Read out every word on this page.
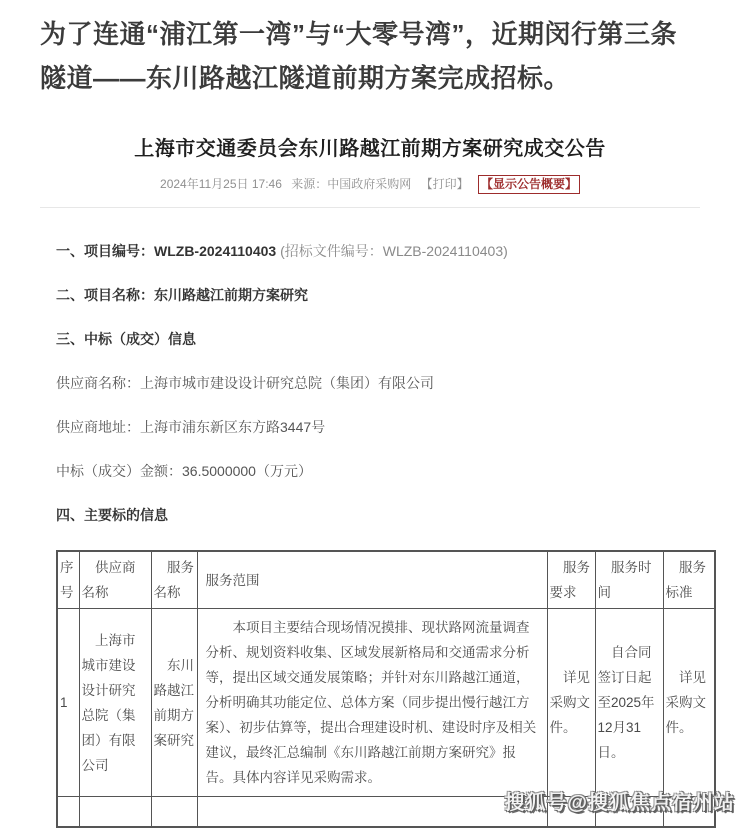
为了连通“浦江第一湾”与“大零号湾”，近期闵行第三条隧道——东川路越江隧道前期方案完成招标。

上海市交通委员会东川路越江前期方案研究成交公告
2024年11月25日 17:46 来源：中国政府采购网 【打印】 【显示公告概要】

一、项目编号：WLZB-2024110403 (招标文件编号：WLZB-2024110403)

二、项目名称：东川路越江前期方案研究

三、中标（成交）信息

供应商名称：上海市城市建设设计研究总院（集团）有限公司

供应商地址：上海市浦东新区东方路3447号

中标（成交）金额：36.5000000（万元）

四、主要标的信息

序号	供应商名称	服务名称	服务范围	服务要求	服务时间	服务标准
1	上海市城市建设设计研究总院（集团）有限公司	东川路越江前期方案研究	本项目主要结合现场情况摸排、现状路网流量调查分析、规划资料收集、区域发展新格局和交通需求分析等，提出区域交通发展策略；并针对东川路越江通道，分析明确其功能定位、总体方案（同步提出慢行越江方案）、初步估算等，提出合理建设时机、建设时序及相关建议，最终汇总编制《东川路越江前期方案研究》报告。具体内容详见采购需求。	详见采购文件。	自合同签订日起至2025年12月31日。	详见采购文件。

搜狐号@搜狐焦点宿州站
